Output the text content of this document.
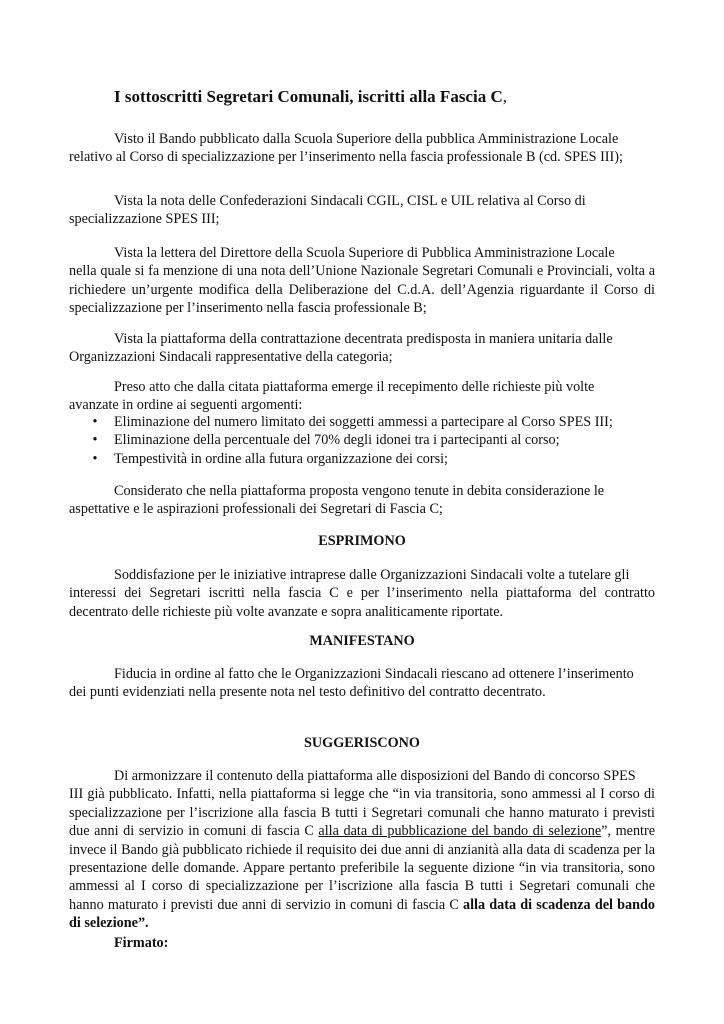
I sottoscritti Segretari Comunali, iscritti alla Fascia C,

Visto il Bando pubblicato dalla Scuola Superiore della pubblica Amministrazione Locale
relativo al Corso di specializzazione per l’inserimento nella fascia professionale B (cd. SPES III);

Vista la nota delle Confederazioni Sindacali CGIL, CISL e UIL relativa al Corso di
specializzazione SPES III;

Vista la lettera del Direttore della Scuola Superiore di Pubblica Amministrazione Locale
nella quale si fa menzione di una nota dell’Unione Nazionale Segretari Comunali e Provinciali, volta a richiedere un’urgente modifica della Deliberazione del C.d.A. dell’Agenzia riguardante il Corso di specializzazione per l’inserimento nella fascia professionale B;

Vista la piattaforma della contrattazione decentrata predisposta in maniera unitaria dalle
Organizzazioni Sindacali rappresentative della categoria;

Preso atto che dalla citata piattaforma emerge il recepimento delle richieste più volte
avanzate in ordine ai seguenti argomenti:

• Eliminazione del numero limitato dei soggetti ammessi a partecipare al Corso SPES III;
• Eliminazione della percentuale del 70% degli idonei tra i partecipanti al corso;
• Tempestività in ordine alla futura organizzazione dei corsi;

Considerato che nella piattaforma proposta vengono tenute in debita considerazione le
aspettative e le aspirazioni professionali dei Segretari di Fascia C;

ESPRIMONO

Soddisfazione per le iniziative intraprese dalle Organizzazioni Sindacali volte a tutelare gli
interessi dei Segretari iscritti nella fascia C e per l’inserimento nella piattaforma del contratto decentrato delle richieste più volte avanzate e sopra analiticamente riportate.

MANIFESTANO

Fiducia in ordine al fatto che le Organizzazioni Sindacali riescano ad ottenere l’inserimento
dei punti evidenziati nella presente nota nel testo definitivo del contratto decentrato.

SUGGERISCONO

Di armonizzare il contenuto della piattaforma alle disposizioni del Bando di concorso SPES
III già pubblicato. Infatti, nella piattaforma si legge che “in via transitoria, sono ammessi al I corso di specializzazione per l’iscrizione alla fascia B tutti i Segretari comunali che hanno maturato i previsti due anni di servizio in comuni di fascia C alla data di pubblicazione del bando di selezione”, mentre invece il Bando già pubblicato richiede il requisito dei due anni di anzianità alla data di scadenza per la presentazione delle domande. Appare pertanto preferibile la seguente dizione “in via transitoria, sono ammessi al I corso di specializzazione per l’iscrizione alla fascia B tutti i Segretari comunali che hanno maturato i previsti due anni di servizio in comuni di fascia C alla data di scadenza del bando di selezione”.

Firmato:
